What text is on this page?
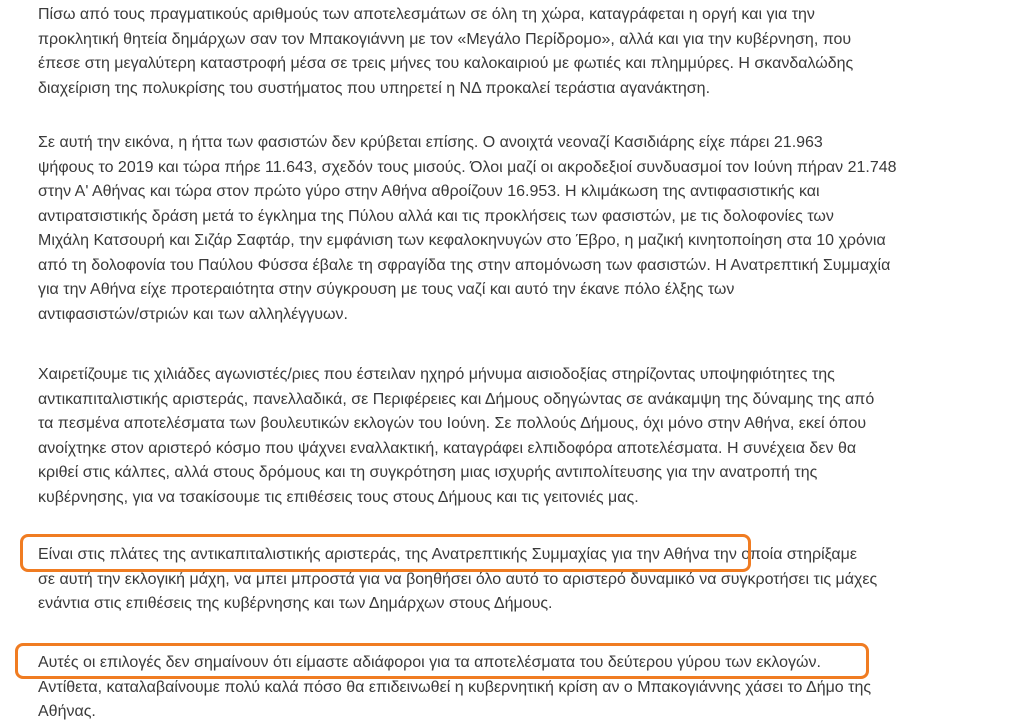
Πίσω από τους πραγματικούς αριθμούς των αποτελεσμάτων σε όλη τη χώρα, καταγράφεται η οργή και για την
προκλητική θητεία δημάρχων σαν τον Μπακογιάννη με τον «Μεγάλο Περίδρομο», αλλά και για την κυβέρνηση, που
έπεσε στη μεγαλύτερη καταστροφή μέσα σε τρεις μήνες του καλοκαιριού με φωτιές και πλημμύρες. Η σκανδαλώδης
διαχείριση της πολυκρίσης του συστήματος που υπηρετεί η ΝΔ προκαλεί τεράστια αγανάκτηση.

Σε αυτή την εικόνα, η ήττα των φασιστών δεν κρύβεται επίσης. Ο ανοιχτά νεοναζί Κασιδιάρης είχε πάρει 21.963
ψήφους το 2019 και τώρα πήρε 11.643, σχεδόν τους μισούς. Όλοι μαζί οι ακροδεξιοί συνδυασμοί τον Ιούνη πήραν 21.748
στην Α' Αθήνας και τώρα στον πρώτο γύρο στην Αθήνα αθροίζουν 16.953. Η κλιμάκωση της αντιφασιστικής και
αντιρατσιστικής δράση μετά το έγκλημα της Πύλου αλλά και τις προκλήσεις των φασιστών, με τις δολοφονίες των
Μιχάλη Κατσουρή και Σιζάρ Σαφτάρ, την εμφάνιση των κεφαλοκηνυγών στο Έβρο, η μαζική κινητοποίηση στα 10 χρόνια
από τη δολοφονία του Παύλου Φύσσα έβαλε τη σφραγίδα της στην απομόνωση των φασιστών. Η Ανατρεπτική Συμμαχία
για την Αθήνα είχε προτεραιότητα στην σύγκρουση με τους ναζί και αυτό την έκανε πόλο έλξης των
αντιφασιστών/στριών και των αλληλέγγυων.

Χαιρετίζουμε τις χιλιάδες αγωνιστές/ριες που έστειλαν ηχηρό μήνυμα αισιοδοξίας στηρίζοντας υποψηφιότητες της
αντικαπιταλιστικής αριστεράς, πανελλαδικά, σε Περιφέρειες και Δήμους οδηγώντας σε ανάκαμψη της δύναμης της από
τα πεσμένα αποτελέσματα των βουλευτικών εκλογών του Ιούνη. Σε πολλούς Δήμους, όχι μόνο στην Αθήνα, εκεί όπου
ανοίχτηκε στον αριστερό κόσμο που ψάχνει εναλλακτική, καταγράφει ελπιδοφόρα αποτελέσματα. Η συνέχεια δεν θα
κριθεί στις κάλπες, αλλά στους δρόμους και τη συγκρότηση μιας ισχυρής αντιπολίτευσης για την ανατροπή της
κυβέρνησης, για να τσακίσουμε τις επιθέσεις τους στους Δήμους και τις γειτονιές μας.

Είναι στις πλάτες της αντικαπιταλιστικής αριστεράς, της Ανατρεπτικής Συμμαχίας για την Αθήνα την οποία στηρίξαμε
σε αυτή την εκλογική μάχη, να μπει μπροστά για να βοηθήσει όλο αυτό το αριστερό δυναμικό να συγκροτήσει τις μάχες
ενάντια στις επιθέσεις της κυβέρνησης και των Δημάρχων στους Δήμους.

Αυτές οι επιλογές δεν σημαίνουν ότι είμαστε αδιάφοροι για τα αποτελέσματα του δεύτερου γύρου των εκλογών.
Αντίθετα, καταλαβαίνουμε πολύ καλά πόσο θα επιδεινωθεί η κυβερνητική κρίση αν ο Μπακογιάννης χάσει το Δήμο της
Αθήνας.
